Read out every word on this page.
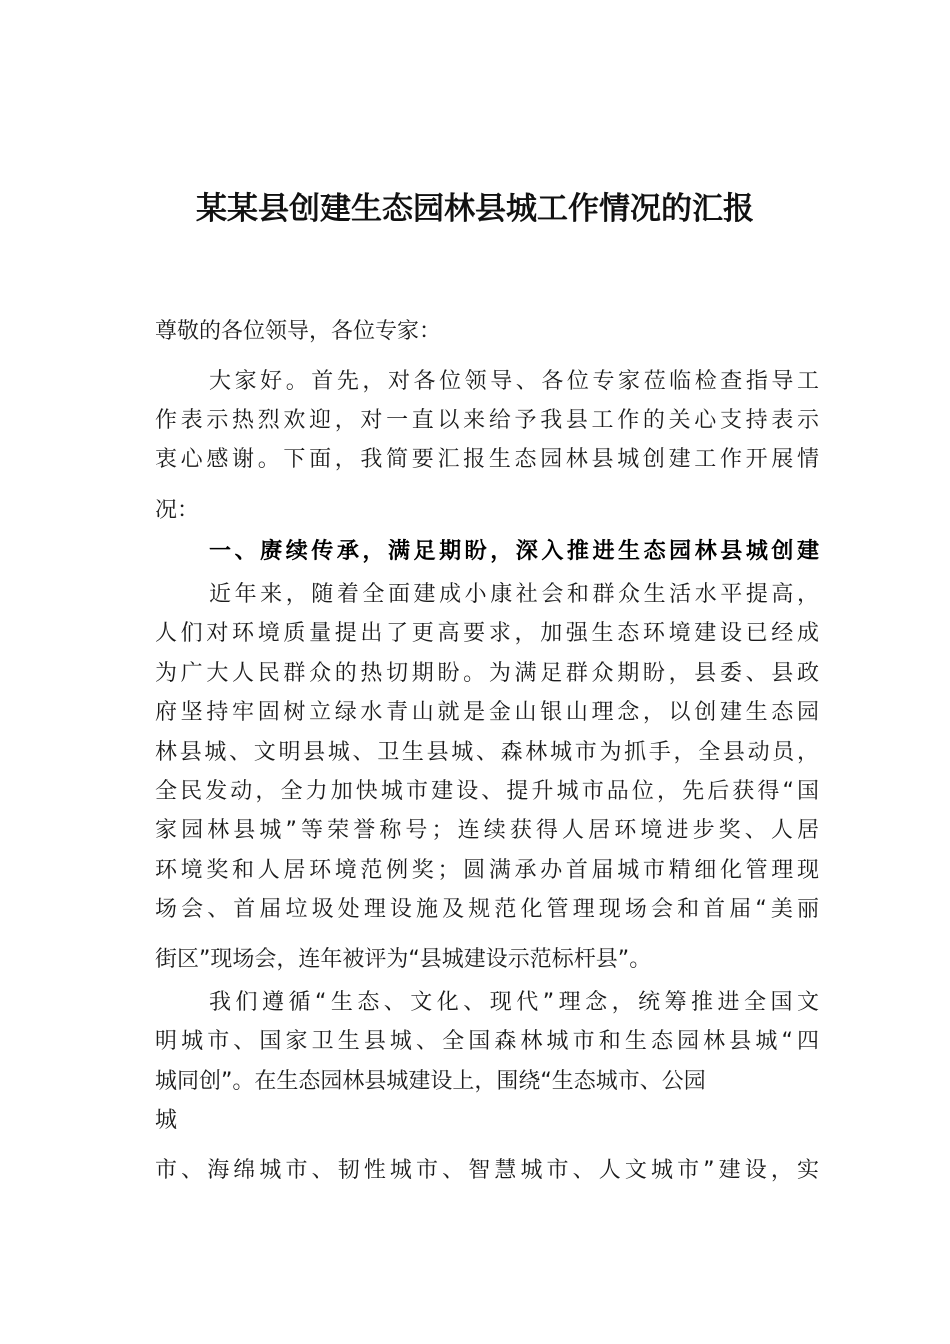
某某县创建生态园林县城工作情况的汇报
尊敬的各位领导，各位专家：
大家好。首先，对各位领导、各位专家莅临检查指导工
作表示热烈欢迎，对一直以来给予我县工作的关心支持表示
衷心感谢。下面，我简要汇报生态园林县城创建工作开展情
况：
一、赓续传承，满足期盼，深入推进生态园林县城创建
近年来，随着全面建成小康社会和群众生活水平提高，
人们对环境质量提出了更高要求，加强生态环境建设已经成
为广大人民群众的热切期盼。为满足群众期盼，县委、县政
府坚持牢固树立绿水青山就是金山银山理念，以创建生态园
林县城、文明县城、卫生县城、森林城市为抓手，全县动员，
全民发动，全力加快城市建设、提升城市品位，先后获得“国
家园林县城”等荣誉称号；连续获得人居环境进步奖、人居
环境奖和人居环境范例奖；圆满承办首届城市精细化管理现
场会、首届垃圾处理设施及规范化管理现场会和首届“美丽
街区”现场会，连年被评为“县城建设示范标杆县”。
我们遵循“生态、文化、现代”理念，统筹推进全国文
明城市、国家卫生县城、全国森林城市和生态园林县城“四
城同创”。在生态园林县城建设上，围绕“生态城市、公园
城
市、海绵城市、韧性城市、智慧城市、人文城市”建设，实
